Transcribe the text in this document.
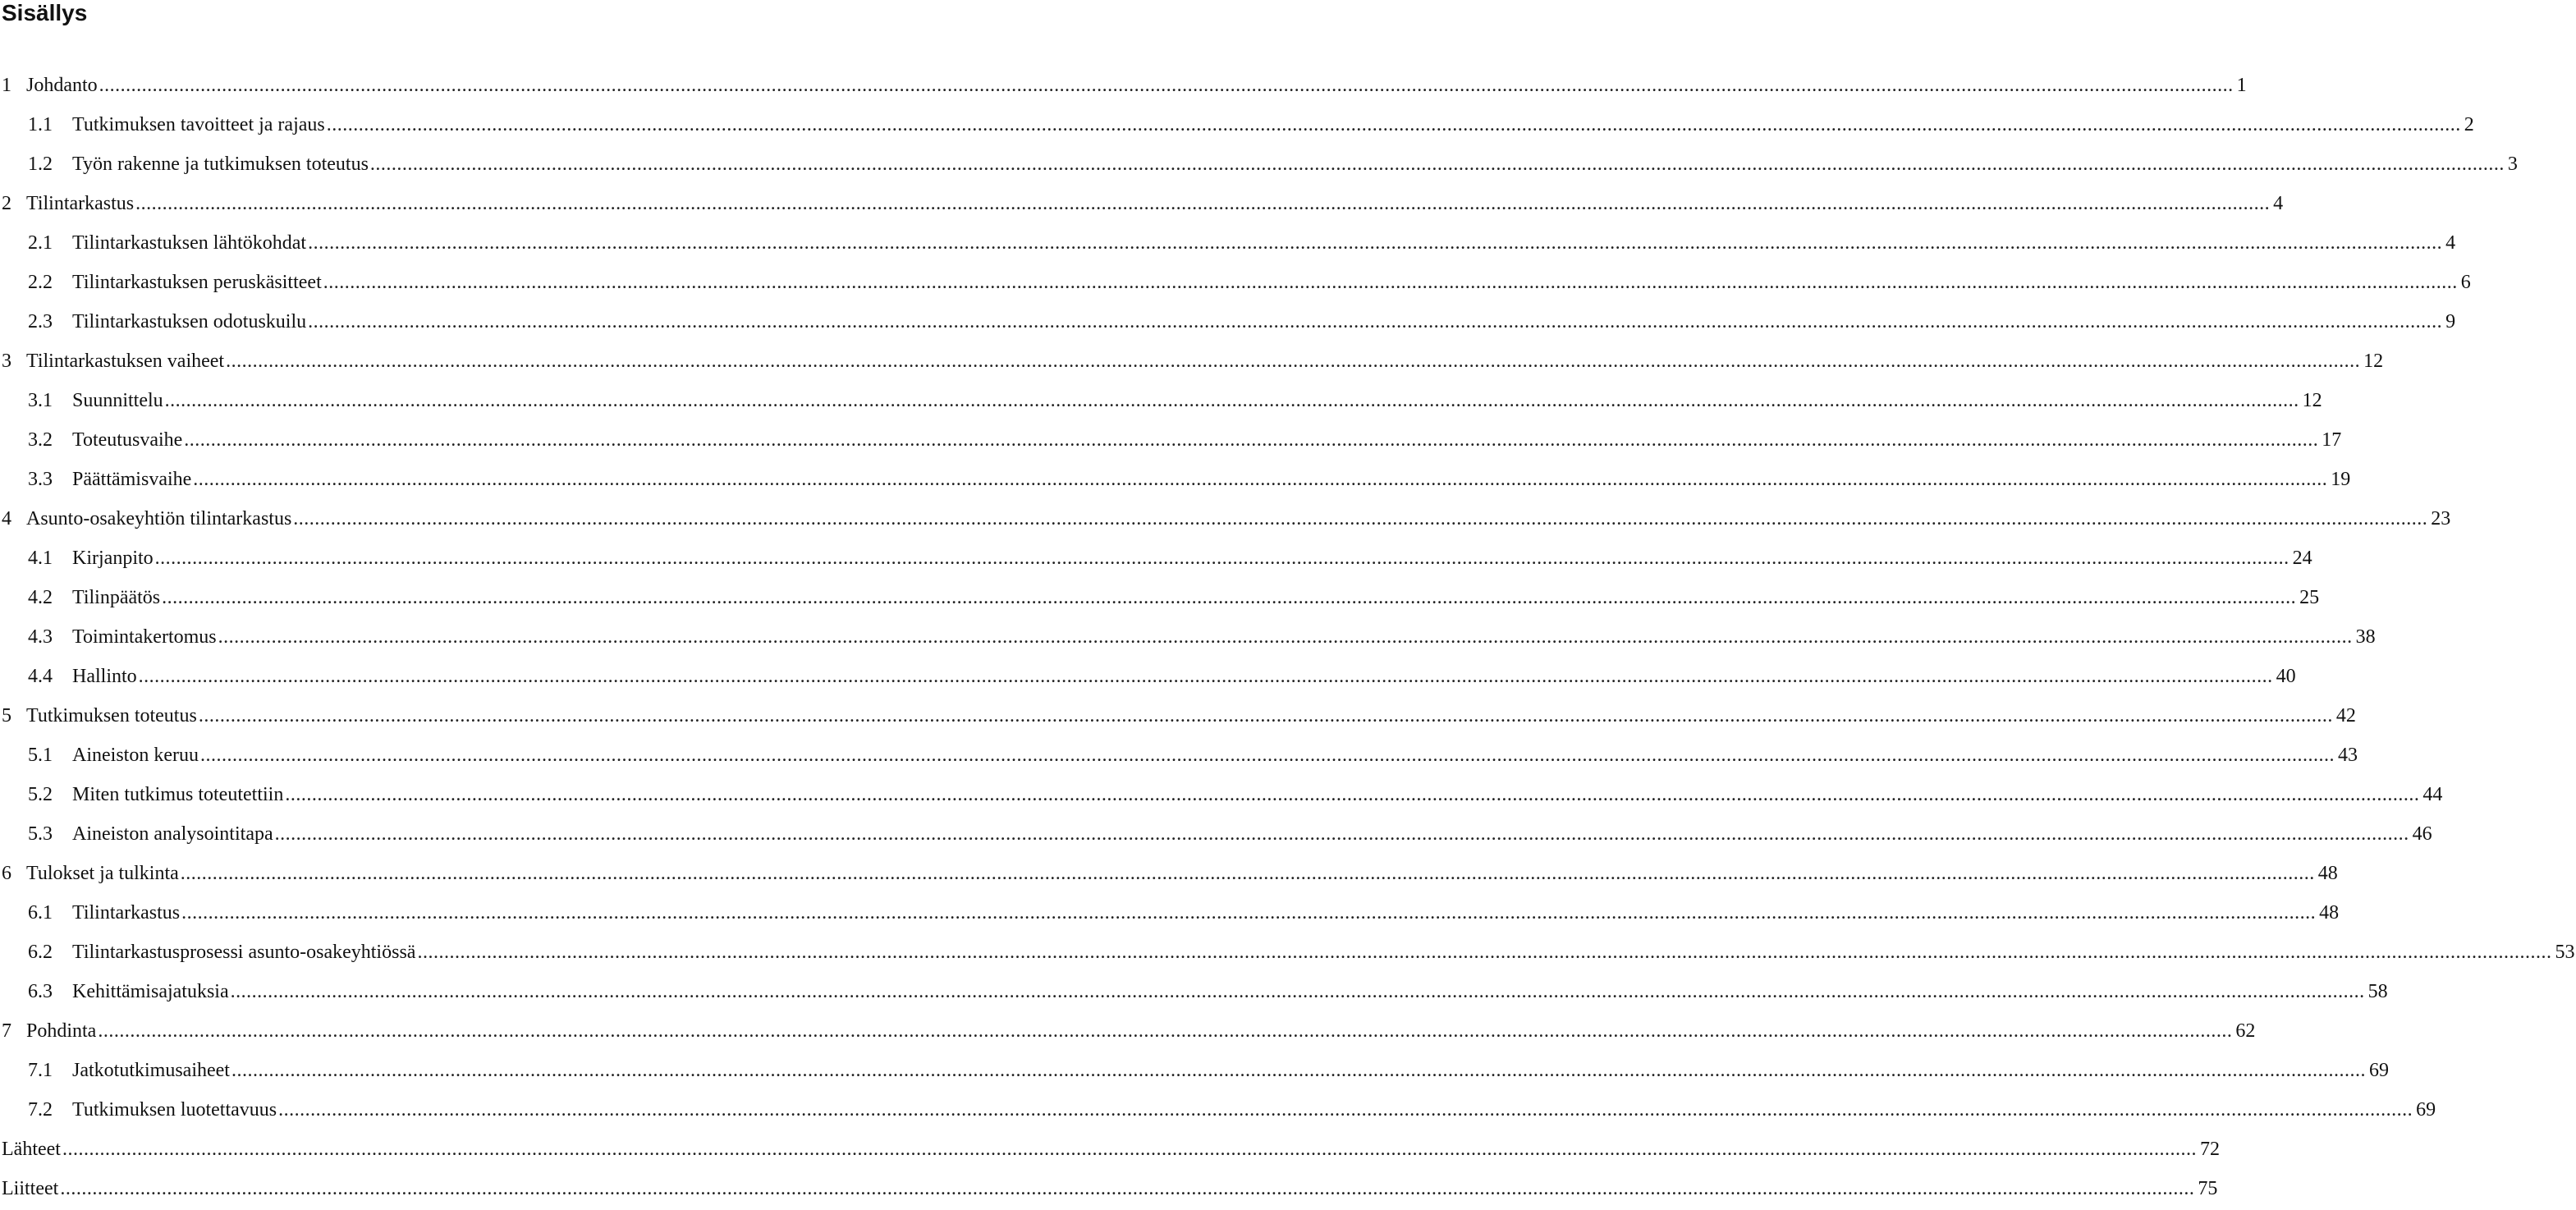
Sisällys
1 Johdanto ................................................................................................................................................................................................................................................................................................................................................................................................................ 1
1.1	Tutkimuksen tavoitteet ja rajaus ................................................................................................................................................................................................................................................................................................................................................................................................................ 2
1.2	Työn rakenne ja tutkimuksen toteutus ................................................................................................................................................................................................................................................................................................................................................................................................................ 3
2 Tilintarkastus ................................................................................................................................................................................................................................................................................................................................................................................................................ 4
2.1	Tilintarkastuksen lähtökohdat ................................................................................................................................................................................................................................................................................................................................................................................................................ 4
2.2	Tilintarkastuksen peruskäsitteet ................................................................................................................................................................................................................................................................................................................................................................................................................ 6
2.3	Tilintarkastuksen odotuskuilu ................................................................................................................................................................................................................................................................................................................................................................................................................ 9
3 Tilintarkastuksen vaiheet ................................................................................................................................................................................................................................................................................................................................................................................................................ 12
3.1	Suunnittelu ................................................................................................................................................................................................................................................................................................................................................................................................................ 12
3.2	Toteutusvaihe ................................................................................................................................................................................................................................................................................................................................................................................................................ 17
3.3	Päättämisvaihe ................................................................................................................................................................................................................................................................................................................................................................................................................ 19
4 Asunto-osakeyhtiön tilintarkastus ................................................................................................................................................................................................................................................................................................................................................................................................................ 23
4.1	Kirjanpito ................................................................................................................................................................................................................................................................................................................................................................................................................ 24
4.2	Tilinpäätös ................................................................................................................................................................................................................................................................................................................................................................................................................ 25
4.3	Toimintakertomus ................................................................................................................................................................................................................................................................................................................................................................................................................ 38
4.4	Hallinto ................................................................................................................................................................................................................................................................................................................................................................................................................ 40
5 Tutkimuksen toteutus ................................................................................................................................................................................................................................................................................................................................................................................................................ 42
5.1	Aineiston keruu ................................................................................................................................................................................................................................................................................................................................................................................................................ 43
5.2	Miten tutkimus toteutettiin ................................................................................................................................................................................................................................................................................................................................................................................................................ 44
5.3	Aineiston analysointitapa ................................................................................................................................................................................................................................................................................................................................................................................................................ 46
6 Tulokset ja tulkinta ................................................................................................................................................................................................................................................................................................................................................................................................................ 48
6.1	Tilintarkastus ................................................................................................................................................................................................................................................................................................................................................................................................................ 48
6.2	Tilintarkastusprosessi asunto-osakeyhtiössä ................................................................................................................................................................................................................................................................................................................................................................................................................ 53
6.3	Kehittämisajatuksia ................................................................................................................................................................................................................................................................................................................................................................................................................ 58
7 Pohdinta ................................................................................................................................................................................................................................................................................................................................................................................................................ 62
7.1	Jatkotutkimusaiheet ................................................................................................................................................................................................................................................................................................................................................................................................................ 69
7.2	Tutkimuksen luotettavuus ................................................................................................................................................................................................................................................................................................................................................................................................................ 69
Lähteet ................................................................................................................................................................................................................................................................................................................................................................................................................ 72
Liitteet ................................................................................................................................................................................................................................................................................................................................................................................................................ 75
